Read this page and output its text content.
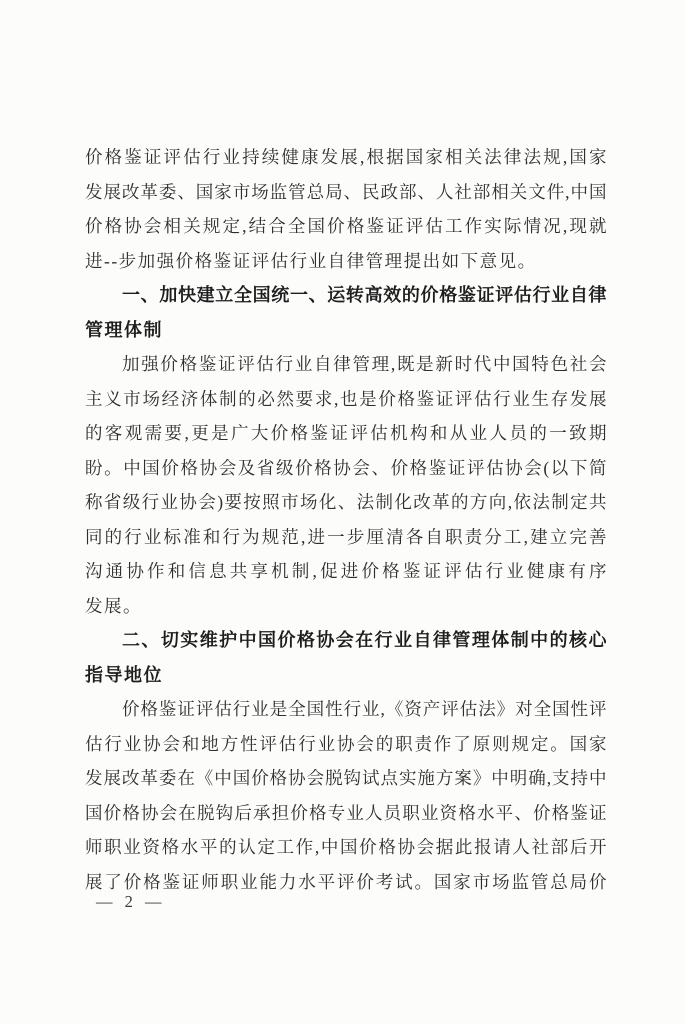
价格鉴证评估行业持续健康发展,根据国家相关法律法规,国家
发展改革委、国家市场监管总局、民政部、人社部相关文件,中国
价格协会相关规定,结合全国价格鉴证评估工作实际情况,现就
进--步加强价格鉴证评估行业自律管理提出如下意见。
一、加快建立全国统一、运转高效的价格鉴证评估行业自律
管理体制
加强价格鉴证评估行业自律管理,既是新时代中国特色社会
主义市场经济体制的必然要求,也是价格鉴证评估行业生存发展
的客观需要,更是广大价格鉴证评估机构和从业人员的一致期
盼。中国价格协会及省级价格协会、价格鉴证评估协会(以下简
称省级行业协会)要按照市场化、法制化改革的方向,依法制定共
同的行业标准和行为规范,进一步厘清各自职责分工,建立完善
沟通协作和信息共享机制,促进价格鉴证评估行业健康有序
发展。
二、切实维护中国价格协会在行业自律管理体制中的核心
指导地位
价格鉴证评估行业是全国性行业,《资产评估法》对全国性评
估行业协会和地方性评估行业协会的职责作了原则规定。国家
发展改革委在《中国价格协会脱钩试点实施方案》中明确,支持中
国价格协会在脱钩后承担价格专业人员职业资格水平、价格鉴证
师职业资格水平的认定工作,中国价格协会据此报请人社部后开
展了价格鉴证师职业能力水平评价考试。国家市场监管总局价
— 2 —
